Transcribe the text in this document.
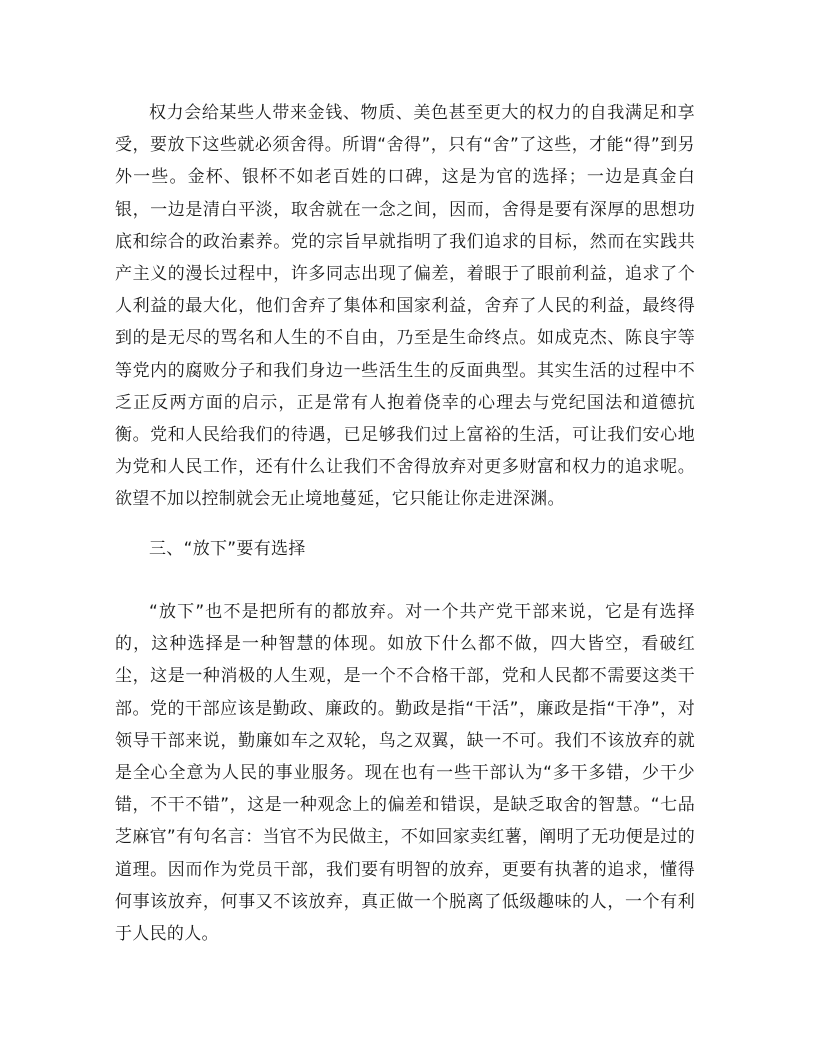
权力会给某些人带来金钱、物质、美色甚至更大的权力的自我满足和享受，要放下这些就必须舍得。所谓“舍得”，只有“舍”了这些，才能“得”到另外一些。金杯、银杯不如老百姓的口碑，这是为官的选择；一边是真金白银，一边是清白平淡，取舍就在一念之间，因而，舍得是要有深厚的思想功底和综合的政治素养。党的宗旨早就指明了我们追求的目标，然而在实践共产主义的漫长过程中，许多同志出现了偏差，着眼于了眼前利益，追求了个人利益的最大化，他们舍弃了集体和国家利益，舍弃了人民的利益，最终得到的是无尽的骂名和人生的不自由，乃至是生命终点。如成克杰、陈良宇等等党内的腐败分子和我们身边一些活生生的反面典型。其实生活的过程中不乏正反两方面的启示，正是常有人抱着侥幸的心理去与党纪国法和道德抗衡。党和人民给我们的待遇，已足够我们过上富裕的生活，可让我们安心地为党和人民工作，还有什么让我们不舍得放弃对更多财富和权力的追求呢。欲望不加以控制就会无止境地蔓延，它只能让你走进深渊。

三、“放下”要有选择

“放下”也不是把所有的都放弃。对一个共产党干部来说，它是有选择的，这种选择是一种智慧的体现。如放下什么都不做，四大皆空，看破红尘，这是一种消极的人生观，是一个不合格干部，党和人民都不需要这类干部。党的干部应该是勤政、廉政的。勤政是指“干活”，廉政是指“干净”，对领导干部来说，勤廉如车之双轮，鸟之双翼，缺一不可。我们不该放弃的就是全心全意为人民的事业服务。现在也有一些干部认为“多干多错，少干少错，不干不错”，这是一种观念上的偏差和错误，是缺乏取舍的智慧。“七品芝麻官”有句名言：当官不为民做主，不如回家卖红薯，阐明了无功便是过的道理。因而作为党员干部，我们要有明智的放弃，更要有执著的追求，懂得何事该放弃，何事又不该放弃，真正做一个脱离了低级趣味的人，一个有利于人民的人。
